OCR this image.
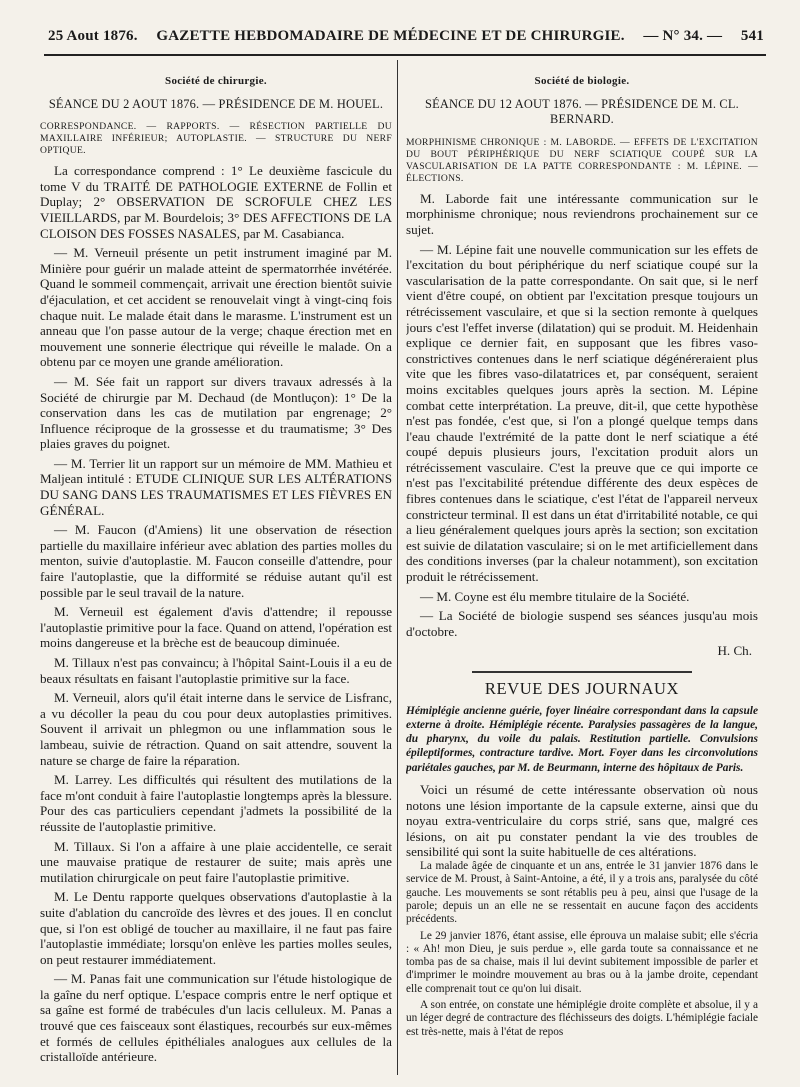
25 Aout 1876. GAZETTE HEBDOMADAIRE DE MÉDECINE ET DE CHIRURGIE. — N° 34. — 541
Société de chirurgie.
SÉANCE DU 2 AOUT 1876. — PRÉSIDENCE DE M. HOUEL.
CORRESPONDANCE. — RAPPORTS. — RÉSECTION PARTIELLE DU MAXILLAIRE INFÉRIEUR; AUTOPLASTIE. — STRUCTURE DU NERF OPTIQUE.

La correspondance comprend : 1° Le deuxième fascicule du tome V du TRAITÉ DE PATHOLOGIE EXTERNE de Follin et Duplay; 2° OBSERVATION DE SCROFULE CHEZ LES VIEILLARDS, par M. Bourdelois; 3° DES AFFECTIONS DE LA CLOISON DES FOSSES NASALES, par M. Casabianca.

— M. Verneuil présente un petit instrument imaginé par M. Minière pour guérir un malade atteint de spermatorrhée invétérée. Quand le sommeil commençait, arrivait une érection bientôt suivie d'éjaculation, et cet accident se renouvelait vingt à vingt-cinq fois chaque nuit. Le malade était dans le marasme. L'instrument est un anneau que l'on passe autour de la verge; chaque érection met en mouvement une sonnerie électrique qui réveille le malade. On a obtenu par ce moyen une grande amélioration.

— M. Sée fait un rapport sur divers travaux adressés à la Société de chirurgie par M. Dechaud (de Montluçon): 1° De la conservation dans les cas de mutilation par engrenage; 2° Influence réciproque de la grossesse et du traumatisme; 3° Des plaies graves du poignet.

— M. Terrier lit un rapport sur un mémoire de MM. Mathieu et Maljean intitulé : ETUDE CLINIQUE SUR LES ALTÉRATIONS DU SANG DANS LES TRAUMATISMES ET LES FIÈVRES EN GÉNÉRAL.

— M. Faucon (d'Amiens) lit une observation de résection partielle du maxillaire inférieur avec ablation des parties molles du menton, suivie d'autoplastie. M. Faucon conseille d'attendre, pour faire l'autoplastie, que la difformité se réduise autant qu'il est possible par le seul travail de la nature.

M. Verneuil est également d'avis d'attendre; il repousse l'autoplastie primitive pour la face. Quand on attend, l'opération est moins dangereuse et la brèche est de beaucoup diminuée.

M. Tillaux n'est pas convaincu; à l'hôpital Saint-Louis il a eu de beaux résultats en faisant l'autoplastie primitive sur la face.

M. Verneuil, alors qu'il était interne dans le service de Lisfranc, a vu décoller la peau du cou pour deux autoplasties primitives. Souvent il arrivait un phlegmon ou une inflammation sous le lambeau, suivie de rétraction. Quand on sait attendre, souvent la nature se charge de faire la réparation.

M. Larrey. Les difficultés qui résultent des mutilations de la face m'ont conduit à faire l'autoplastie longtemps après la blessure. Pour des cas particuliers cependant j'admets la possibilité de la réussite de l'autoplastie primitive.

M. Tillaux. Si l'on a affaire à une plaie accidentelle, ce serait une mauvaise pratique de restaurer de suite; mais après une mutilation chirurgicale on peut faire l'autoplastie primitive.

M. Le Dentu rapporte quelques observations d'autoplastie à la suite d'ablation du cancroïde des lèvres et des joues. Il en conclut que, si l'on est obligé de toucher au maxillaire, il ne faut pas faire l'autoplastie immédiate; lorsqu'on enlève les parties molles seules, on peut restaurer immédiatement.

— M. Panas fait une communication sur l'étude histologique de la gaîne du nerf optique. L'espace compris entre le nerf optique et sa gaîne est formé de trabécules d'un lacis celluleux. M. Panas a trouvé que ces faisceaux sont élastiques, recourbés sur eux-mêmes et formés de cellules épithéliales analogues aux cellules de la cristalloïde antérieure.

Société de biologie.
SÉANCE DU 12 AOUT 1876. — PRÉSIDENCE DE M. CL. BERNARD.
MORPHINISME CHRONIQUE : M. LABORDE. — EFFETS DE L'EXCITATION DU BOUT PÉRIPHÉRIQUE DU NERF SCIATIQUE COUPÉ SUR LA VASCULARISATION DE LA PATTE CORRESPONDANTE : M. LÉPINE. — ÉLECTIONS.

M. Laborde fait une intéressante communication sur le morphinisme chronique; nous reviendrons prochainement sur ce sujet.

— M. Lépine fait une nouvelle communication sur les effets de l'excitation du bout périphérique du nerf sciatique coupé sur la vascularisation de la patte correspondante. On sait que, si le nerf vient d'être coupé, on obtient par l'excitation presque toujours un rétrécissement vasculaire, et que si la section remonte à quelques jours c'est l'effet inverse (dilatation) qui se produit. M. Heidenhain explique ce dernier fait, en supposant que les fibres vaso-constrictives contenues dans le nerf sciatique dégénéreraient plus vite que les fibres vaso-dilatatrices et, par conséquent, seraient moins excitables quelques jours après la section. M. Lépine combat cette interprétation. La preuve, dit-il, que cette hypothèse n'est pas fondée, c'est que, si l'on a plongé quelque temps dans l'eau chaude l'extrémité de la patte dont le nerf sciatique a été coupé depuis plusieurs jours, l'excitation produit alors un rétrécissement vasculaire. C'est la preuve que ce qui importe ce n'est pas l'excitabilité prétendue différente des deux espèces de fibres contenues dans le sciatique, c'est l'état de l'appareil nerveux constricteur terminal. Il est dans un état d'irritabilité notable, ce qui a lieu généralement quelques jours après la section; son excitation est suivie de dilatation vasculaire; si on le met artificiellement dans des conditions inverses (par la chaleur notamment), son excitation produit le rétrécissement.

— M. Coyne est élu membre titulaire de la Société.

— La Société de biologie suspend ses séances jusqu'au mois d'octobre.

H. Ch.
REVUE DES JOURNAUX

Hémiplégie ancienne guérie, foyer linéaire correspondant dans la capsule externe à droite. Hémiplégie récente. Paralysies passagères de la langue, du pharynx, du voile du palais. Restitution partielle. Convulsions épileptiformes, contracture tardive. Mort. Foyer dans les circonvolutions pariétales gauches, par M. de Beurmann, interne des hôpitaux de Paris.

Voici un résumé de cette intéressante observation où nous notons une lésion importante de la capsule externe, ainsi que du noyau extra-ventriculaire du corps strié, sans que, malgré ces lésions, on ait pu constater pendant la vie des troubles de sensibilité qui sont la suite habituelle de ces altérations.

La malade âgée de cinquante et un ans, entrée le 31 janvier 1876 dans le service de M. Proust, à Saint-Antoine, a été, il y a trois ans, paralysée du côté gauche. Les mouvements se sont rétablis peu à peu, ainsi que l'usage de la parole; depuis un an elle ne se ressentait en aucune façon des accidents précédents.

Le 29 janvier 1876, étant assise, elle éprouva un malaise subit; elle s'écria : « Ah! mon Dieu, je suis perdue », elle garda toute sa connaissance et ne tomba pas de sa chaise, mais il lui devint subitement impossible de parler et d'imprimer le moindre mouvement au bras ou à la jambe droite, cependant elle comprenait tout ce qu'on lui disait.

A son entrée, on constate une hémiplégie droite complète et absolue, il y a un léger degré de contracture des fléchisseurs des doigts. L'hémiplégie faciale est très-nette, mais à l'état de repos
